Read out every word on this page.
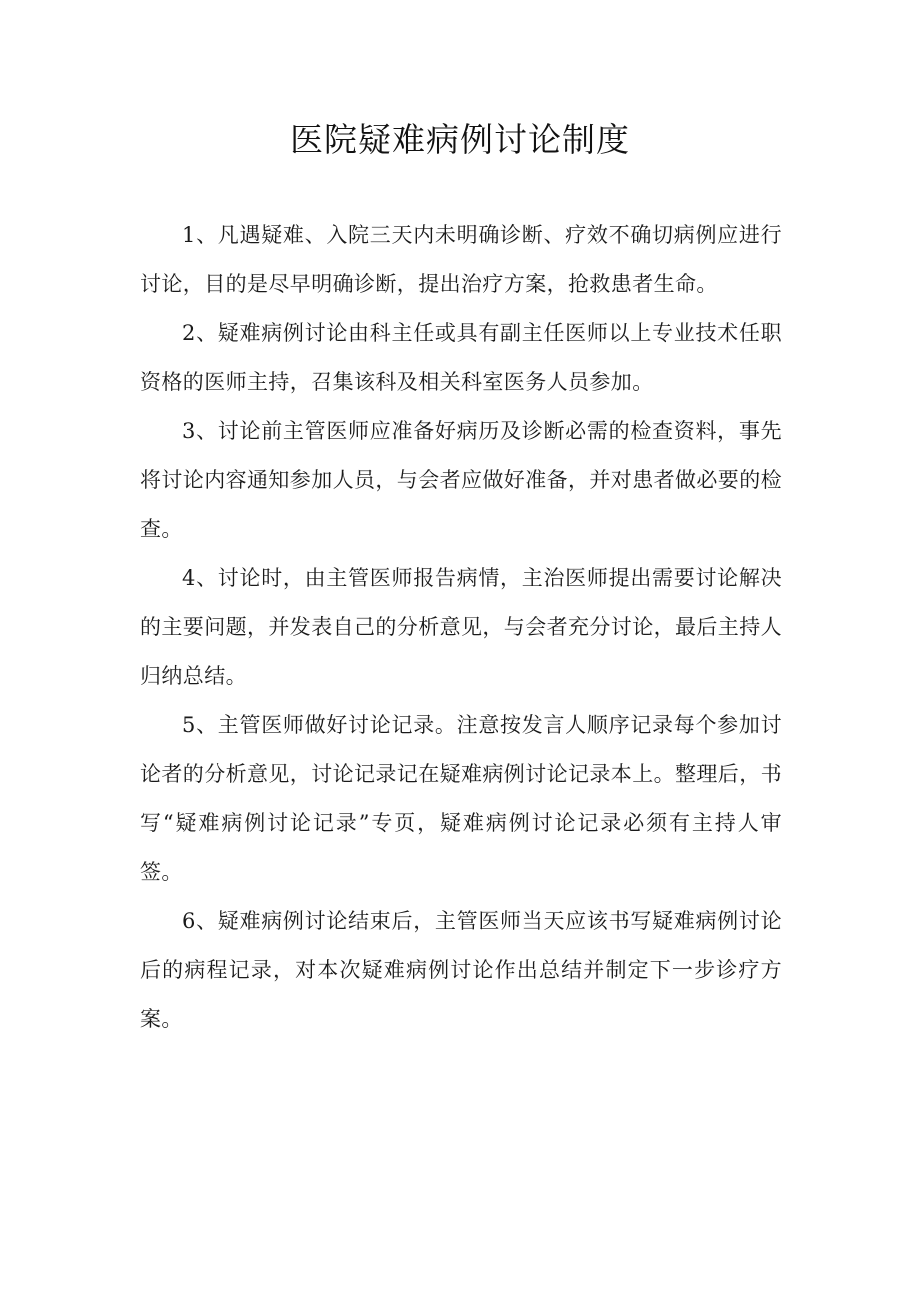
医院疑难病例讨论制度

1、凡遇疑难、入院三天内未明确诊断、疗效不确切病例应进行讨论，目的是尽早明确诊断，提出治疗方案，抢救患者生命。

2、疑难病例讨论由科主任或具有副主任医师以上专业技术任职资格的医师主持，召集该科及相关科室医务人员参加。

3、讨论前主管医师应准备好病历及诊断必需的检查资料，事先将讨论内容通知参加人员，与会者应做好准备，并对患者做必要的检查。

4、讨论时，由主管医师报告病情，主治医师提出需要讨论解决的主要问题，并发表自己的分析意见，与会者充分讨论，最后主持人归纳总结。

5、主管医师做好讨论记录。注意按发言人顺序记录每个参加讨论者的分析意见，讨论记录记在疑难病例讨论记录本上。整理后，书写“疑难病例讨论记录”专页，疑难病例讨论记录必须有主持人审签。

6、疑难病例讨论结束后，主管医师当天应该书写疑难病例讨论后的病程记录，对本次疑难病例讨论作出总结并制定下一步诊疗方案。
